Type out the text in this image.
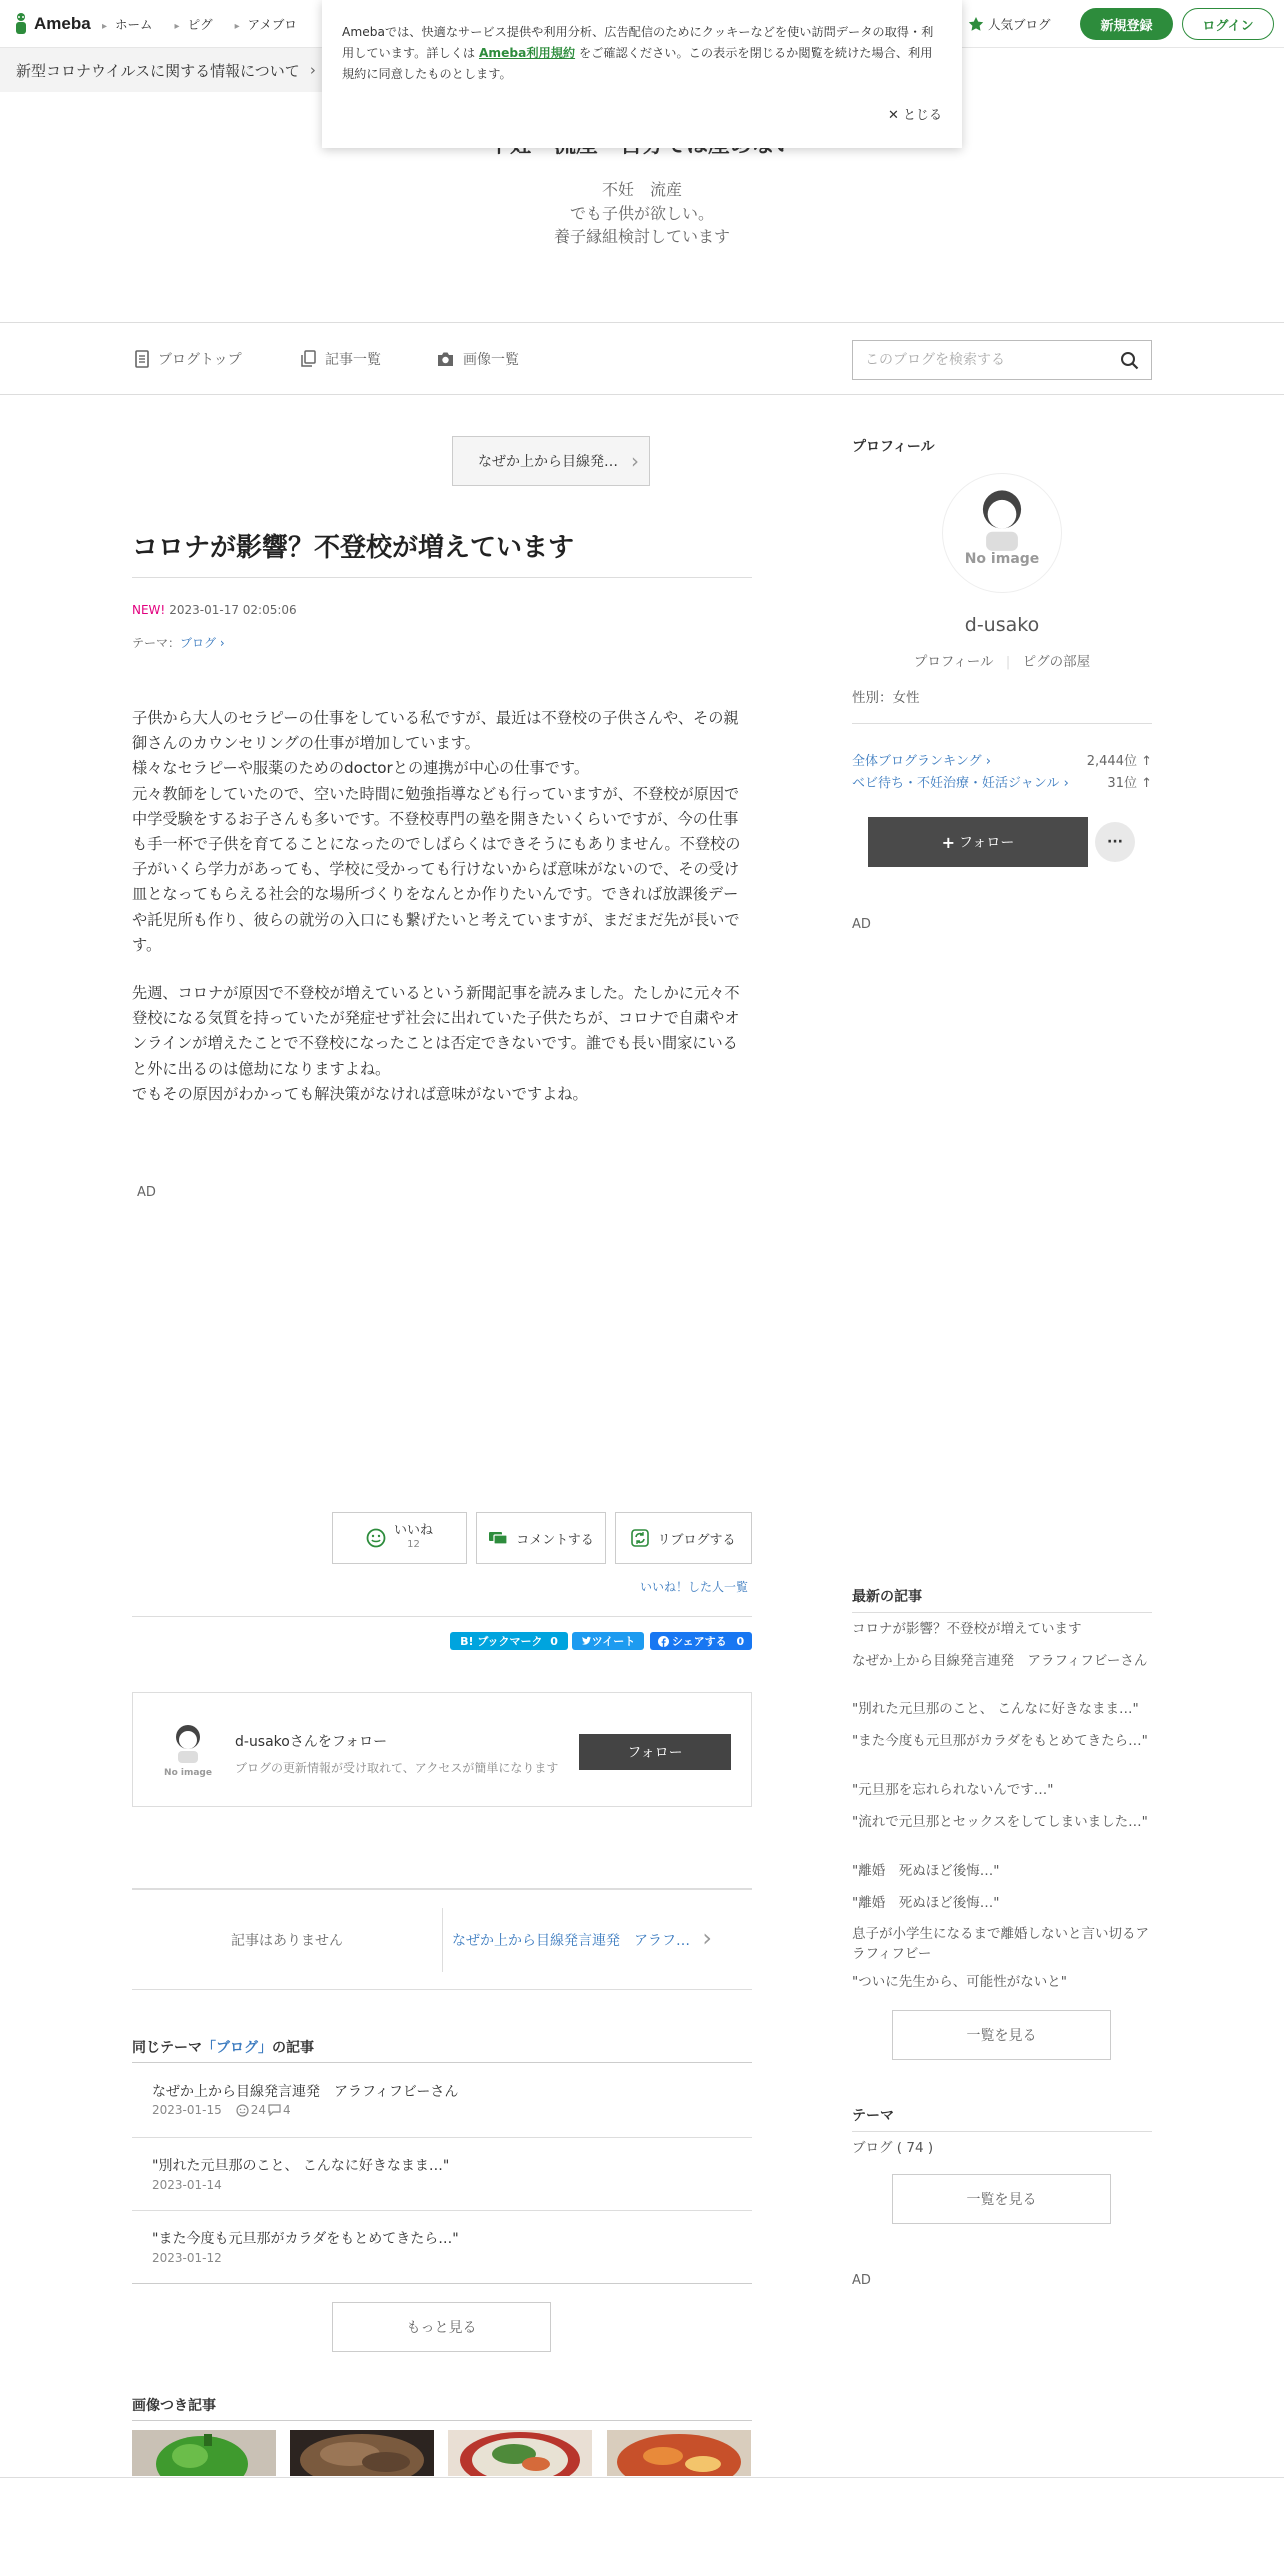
Ameba ▸ ホーム ▸ ピグ ▸ アメブロ	人気ブログ	新規登録	ログイン
新型コロナウイルスに関する情報について ›
不妊　流産
でも子供が欲しい。
養子縁組検討しています
Amebaでは、快適なサービス提供や利用分析、広告配信のためにクッキーなどを使い訪問データの取得・利用しています。詳しくは Ameba利用規約 をご確認ください。この表示を閉じるか閲覧を続けた場合、利用規約に同意したものとします。
✕ とじる
ブログトップ	記事一覧	画像一覧
このブログを検索する
なぜか上から目線発… ›
コロナが影響？不登校が増えています
NEW! 2023-01-17 02:05:06
テーマ：ブログ ›

子供から大人のセラピーの仕事をしている私ですが、最近は不登校の子供さんや、その親御さんのカウンセリングの仕事が増加しています。
様々なセラピーや服薬のためのdoctorとの連携が中心の仕事です。
元々教師をしていたので、空いた時間に勉強指導なども行っていますが、不登校が原因で中学受験をするお子さんも多いです。不登校専門の塾を開きたいくらいですが、今の仕事も手一杯で子供を育てることになったのでしばらくはできそうにもありません。不登校の子がいくら学力があっても、学校に受かっても行けないからば意味がないので、その受け皿となってもらえる社会的な場所づくりをなんとか作りたいんです。できれば放課後デーや託児所も作り、彼らの就労の入口にも繋げたいと考えていますが、まだまだ先が長いです。

先週、コロナが原因で不登校が増えているという新聞記事を読みました。たしかに元々不登校になる気質を持っていたが発症せず社会に出れていた子供たちが、コロナで自粛やオンラインが増えたことで不登校になったことは否定できないです。誰でも長い間家にいると外に出るのは億劫になりますよね。
でもその原因がわかっても解決策がなければ意味がないですよね。

AD
いいね
12	コメントする	リブログする
いいね！した人一覧
B! ブックマーク
0	ツイート	シェアする
0
No image
d-usakoさんをフォロー
ブログの更新情報が受け取れて、アクセスが簡単になります
フォロー
記事はありません	なぜか上から目線発言連発　アラフ… ›
同じテーマ「ブログ」の記事
なぜか上から目線発言連発　アラフィフビーさん
2023-01-15 24 4
"別れた元旦那のこと、 こんなに好きなまま…"
2023-01-14
"また今度も元旦那がカラダをもとめてきたら…"
2023-01-12
もっと見る
画像つき記事
プロフィール
No image
d-usako
プロフィール | ピグの部屋
性別：女性
全体ブログランキング ›	2,444位 ↑
ベビ待ち・不妊治療・妊活ジャンル ›	31位 ↑
+ フォロー	···
AD
最新の記事
コロナが影響？不登校が増えています
なぜか上から目線発言連発　アラフィフビーさん
"別れた元旦那のこと、 こんなに好きなまま…"
"また今度も元旦那がカラダをもとめてきたら…"
"元旦那を忘れられないんです…"
"流れで元旦那とセックスをしてしまいました…"
"離婚　死ぬほど後悔…"
"離婚　死ぬほど後悔…"
息子が小学生になるまで離婚しないと言い切るアラフィフビー
"ついに先生から、可能性がないと"
一覧を見る
テーマ
ブログ ( 74 )
一覧を見る
AD
